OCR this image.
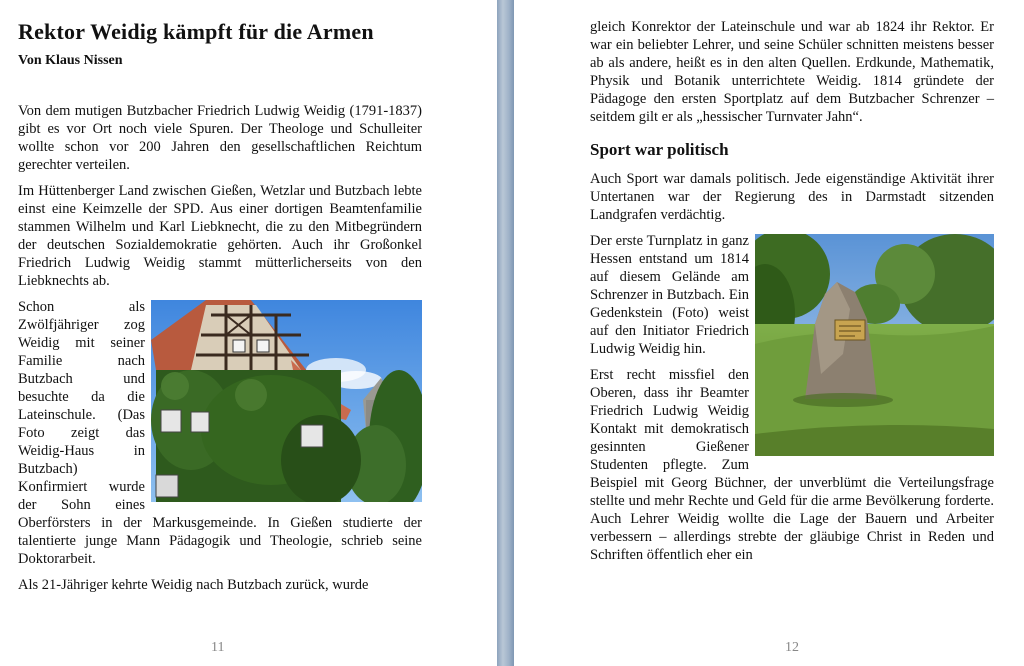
Rektor Weidig kämpft für die Armen
Von Klaus Nissen

Von dem mutigen Butzbacher Friedrich Ludwig Weidig (1791-1837) gibt es vor Ort noch viele Spuren. Der Theologe und Schulleiter wollte schon vor 200 Jahren den gesellschaftlichen Reichtum gerechter verteilen.

Im Hüttenberger Land zwischen Gießen, Wetzlar und Butzbach lebte einst eine Keimzelle der SPD. Aus einer dortigen Beamtenfamilie stammen Wilhelm und Karl Liebknecht, die zu den Mitbegründern der deutschen Sozialdemokratie gehörten. Auch ihr Großonkel Friedrich Ludwig Weidig stammt mütterlicherseits von den Liebknechts ab.

Schon als Zwölfjähriger zog Weidig mit seiner Familie nach Butzbach und besuchte da die Lateinschule. (Das Foto zeigt das Weidig-Haus in Butzbach) Konfirmiert wurde der Sohn eines Oberförsters in der Markusgemeinde. In Gießen studierte der talentierte junge Mann Pädagogik und Theologie, schrieb seine Doktorarbeit.

Als 21-Jähriger kehrte Weidig nach Butzbach zurück, wurde

11

gleich Konrektor der Lateinschule und war ab 1824 ihr Rektor. Er war ein beliebter Lehrer, und seine Schüler schnitten meistens besser ab als andere, heißt es in den alten Quellen. Erdkunde, Mathematik, Physik und Botanik unterrichtete Weidig. 1814 gründete der Pädagoge den ersten Sportplatz auf dem Butzbacher Schrenzer – seitdem gilt er als „hessischer Turnvater Jahn“.

Sport war politisch

Auch Sport war damals politisch. Jede eigenständige Aktivität ihrer Untertanen war der Regierung des in Darmstadt sitzenden Landgrafen verdächtig.

Der erste Turnplatz in ganz Hessen entstand um 1814 auf diesem Gelände am Schrenzer in Butzbach. Ein Gedenkstein (Foto) weist auf den Initiator Friedrich Ludwig Weidig hin.

Erst recht missfiel den Oberen, dass ihr Beamter Friedrich Ludwig Weidig Kontakt mit demokratisch gesinnten Gießener Studenten pflegte. Zum Beispiel mit Georg Büchner, der unverblümt die Verteilungsfrage stellte und mehr Rechte und Geld für die arme Bevölkerung forderte. Auch Lehrer Weidig wollte die Lage der Bauern und Arbeiter verbessern – allerdings strebte der gläubige Christ in Reden und Schriften öffentlich eher ein

12
